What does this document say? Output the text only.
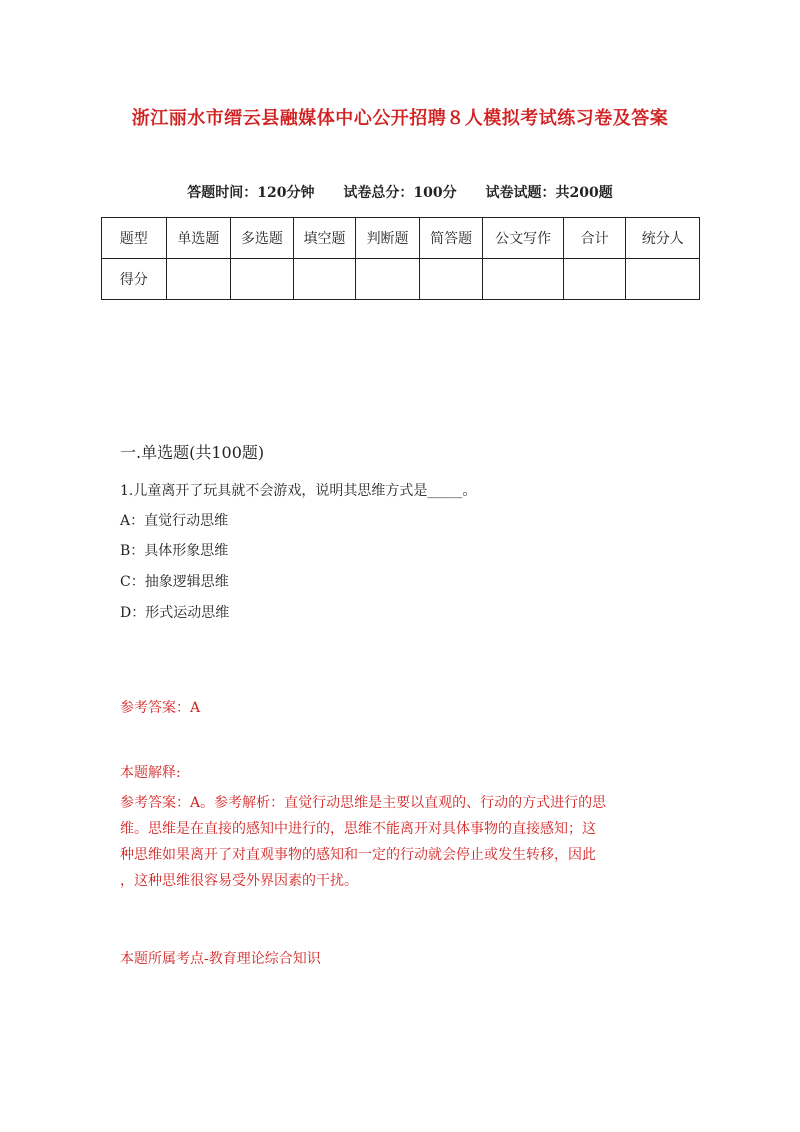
浙江丽水市缙云县融媒体中心公开招聘８人模拟考试练习卷及答案
答题时间：120分钟 试卷总分：100分 试卷试题：共200题
题型	单选题	多选题	填空题	判断题	简答题	公文写作	合计	统分人
得分								
一.单选题(共100题)
1.儿童离开了玩具就不会游戏，说明其思维方式是_____。
A：直觉行动思维
B：具体形象思维
C：抽象逻辑思维
D：形式运动思维
参考答案：A
本题解释:
参考答案：A。参考解析：直觉行动思维是主要以直观的、行动的方式进行的思
维。思维是在直接的感知中进行的，思维不能离开对具体事物的直接感知；这
种思维如果离开了对直观事物的感知和一定的行动就会停止或发生转移，因此
，这种思维很容易受外界因素的干扰。
本题所属考点-教育理论综合知识
